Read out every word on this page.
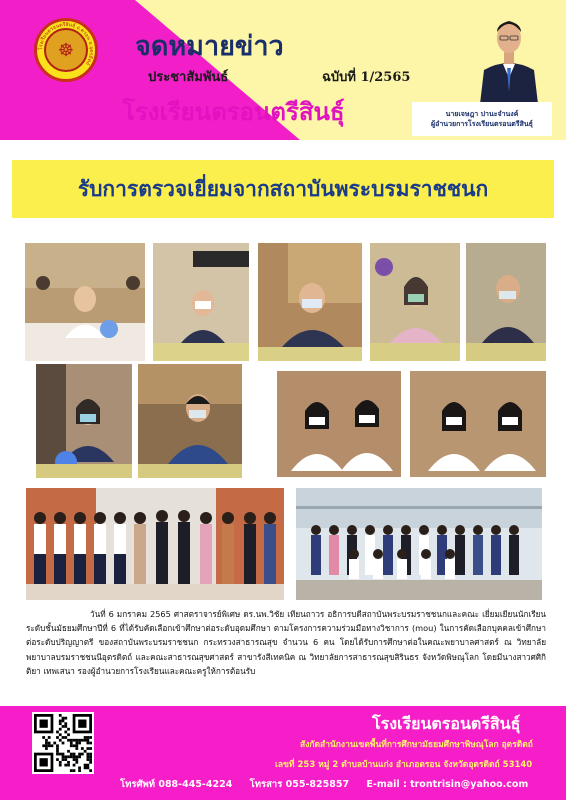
☸
โรงเรียนตรอนตรีสินธุ์ อ.ตรอน จ.อุตรดิตถ์
จดหมายข่าว
ประชาสัมพันธ์	ฉบับที่ 1/2565
โรงเรียนตรอนตรีสินธุ์	นายเจษฎา ปานะจำนงค์
ผู้อำนวยการโรงเรียนตรอนตรีสินธุ์
รับการตรวจเยี่ยมจากสถาบันพระบรมราชชนก
วันที่ 6 มกราคม 2565 ศาสตราจารย์พิเศษ ดร.นพ.วิชัย เทียนถาวร อธิการบดีสถาบันพระบรมราชชนกและคณะ เยี่ยมเยียนนักเรียนระดับชั้นมัธยมศึกษาปีที่ 6 ที่ได้รับคัดเลือกเข้าศึกษาต่อระดับอุดมศึกษา ตามโครงการความร่วมมือทางวิชาการ (mou) ในการคัดเลือกบุคคลเข้าศึกษาต่อระดับปริญญาตรี ของสถาบันพระบรมราชชนก กระทรวงสาธารณสุข จำนวน 6 คน โดยได้รับการศึกษาต่อในคณะพยาบาลศาสตร์ ณ วิทยาลัยพยาบาลบรมราชชนนีอุตรดิตถ์ และคณะสาธารณสุขศาสตร์ สาขารังสีเทคนิค ณ วิทยาลัยการสาธารณสุขสิรินธร จังหวัดพิษณุโลก โดยมีนางสาวศศิกิติยา เทพเสนา รองผู้อำนวยการโรงเรียนและคณะครูให้การต้อนรับ
โรงเรียนตรอนตรีสินธุ์
สังกัดสำนักงานเขตพื้นที่การศึกษามัธยมศึกษาพิษณุโลก อุตรดิตถ์
เลขที่ 253 หมู่ 2 ตำบลบ้านแก่ง อำเภอตรอน จังหวัดอุตรดิตถ์ 53140
โทรศัพท์ 088-445-4224 โทรสาร 055-825857 E-mail : trontrisin@yahoo.com
